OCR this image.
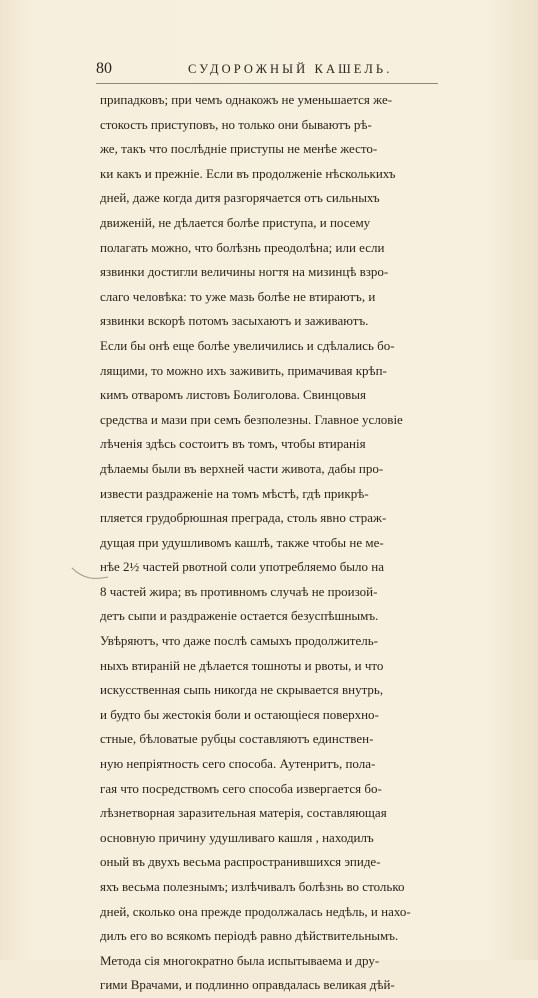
80	СУДОРОЖНЫЙ КАШЕЛЬ.
припадковъ; при чемъ однакожъ не уменьшается же-
стокость приступовъ, но только они бываютъ рѣ-
же, такъ что послѣдніе приступы не менѣе жесто-
ки какъ и прежніе. Если въ продолженіе нѣсколькихъ
дней, даже когда дитя разгорячается отъ сильныхъ
движеній, не дѣлается болѣе приступа, и посему
полагать можно, что болѣзнь преодолѣна; или если
язвинки достигли величины ногтя на мизинцѣ взро-
слаго человѣка: то уже мазь болѣе не втираютъ, и
язвинки вскорѣ потомъ засыхаютъ и заживаютъ.
Если бы онѣ еще болѣе увеличились и сдѣлались бо-
лящими, то можно ихъ заживить, примачивая крѣп-
кимъ отваромъ листовъ Болиголова. Свинцовыя
средства и мази при семъ безполезны. Главное условіе
лѣченія здѣсь состоитъ въ томъ, чтобы втиранія
дѣлаемы были въ верхней части живота, дабы про-
извести раздраженіе на томъ мѣстѣ, гдѣ прикрѣ-
пляется грудобрюшная преграда, столь явно страж-
дущая при удушливомъ кашлѣ, также чтобы не ме-
нѣе 2½ частей рвотной соли употребляемо было на
8 частей жира; въ противномъ случаѣ не произой-
детъ сыпи и раздраженіе остается безуспѣшнымъ.
Увѣряютъ, что даже послѣ самыхъ продолжитель-
ныхъ втираній не дѣлается тошноты и рвоты, и что
искусственная сыпь никогда не скрывается внутрь,
и будто бы жестокія боли и остающіеся поверхно-
стные, бѣловатые рубцы составляютъ единствен-
ную непріятность сего способа. Аутенритъ, пола-
гая что посредствомъ сего способа извергается бо-
лѣзнетворная заразительная матерія, составляющая
основную причину удушливаго кашля , находилъ
оный въ двухъ весьма распространившихся эпиде-
яхъ весьма полезнымъ; излѣчивалъ болѣзнь во столько
дней, сколько она прежде продолжалась недѣль, и нахо-
дилъ его во всякомъ періодѣ равно дѣйствительнымъ.
Метода сія многократно была испытываема и дру-
гими Врачами, и подлинно оправдалась великая дѣй-
